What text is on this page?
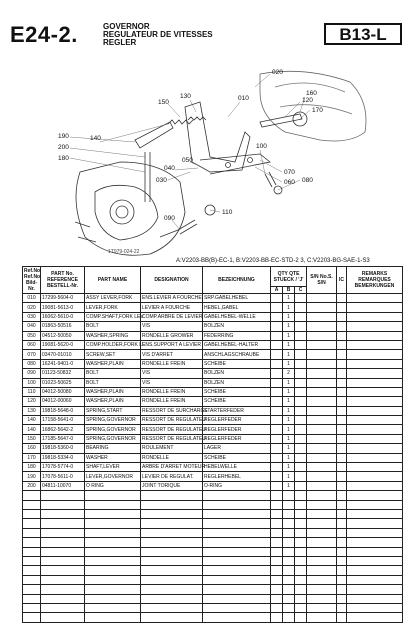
E24-2.	GOVERNOR
REGULATEUR DE VITESSES
REGLER	B13-L
020
150
130
170
120
010
190	140
200
180
100
050
040
030
090
060
070
080
110
160
1T979-024-22
A:V2203-BB(B)-EC-1, B:V2203-BB-EC-STD-2 3, C:V2203-BG-SAE-1-S3
Ref.No Ref.No Bild-Nr.	PART No. REFERENCE BESTELL-Nr.	PART NAME	DESIGNATION	BEZEICHNUNG	QTY QTE STUECK / 'J'			S/N No.S. S/N	IC	REMARKS REMARQUES BEMERKUNGEN
					A	B	C			
010	17299-5604-0	ASSY LEVER,FORK	ENS.LEVIER A FOURCHE	SRP.GABELHEBEL		1				
020	19081-5613-0	LEVER,FORK	LEVIER A FOURCHE	HEBEL,GABEL		1				
030	16062-5610-0	COMP.SHAFT,FORK LEV.	COMP.ARBRE DE LEVIER	GABELHEBEL-WELLE		1				
040	01863-50516	BOLT	VIS	BOLZEN		1				
050	04512-50050	WASHER,SPRING	RONDELLE GROWER	FEDERRING		1				
060	19081-5620-0	COMP.HOLDER,FORK LE.	ENS.SUPPORT A LEVIER	GABELHEBEL-HALTER		1				
070	03470-01010	SCREW,SET	VIS D'ARRET	ANSCHLAGSCHRAUBE		1				
080	16241-9401-0	WASHER,PLAIN	RONDELLE FREIN	SCHEIBE		1				
090	01123-50832	BOLT	VIS	BOLZEN		2				
100	01023-50625	BOLT	VIS	BOLZEN		1				
110	04012-50080	WASHER,PLAIN	RONDELLE FREIN	SCHEIBE		1				
120	04012-00060	WASHER,PLAIN	RONDELLE FREIN	SCHEIBE		1				
130	19818-5648-0	SPRING,START	RESSORT DE SURCHARGE	STARTERFEDER		1				
140	17158-5641-0	SPRING,GOVERNOR	RESSORT DE REGULATEU	REGLERFEDER		1				
140	16862-5642-2	SPRING,GOVERNOR	RESSORT DE REGULATEU	REGLERFEDER		1				
150	17185-5647-0	SPRING,GOVERNOR	RESSORT DE REGULATEU	REGLERFEDER		1				
160	19818-5360-0	BEARING	ROULEMENT	LAGER		1				
170	19818-5334-0	WASHER	RONDELLE	SCHEIBE		1				
180	17078-5774-0	SHAFT,LEVER	ARBRE D'ARRET MOTEUR	HEBELWELLE		1				
190	17078-5611-0	LEVER,GOVERNOR	LEVIER DE REGULAT.	REGLERHEBEL		1				
200	04811-10070	O RING	JOINT TORIQUE	O-RING		1				
